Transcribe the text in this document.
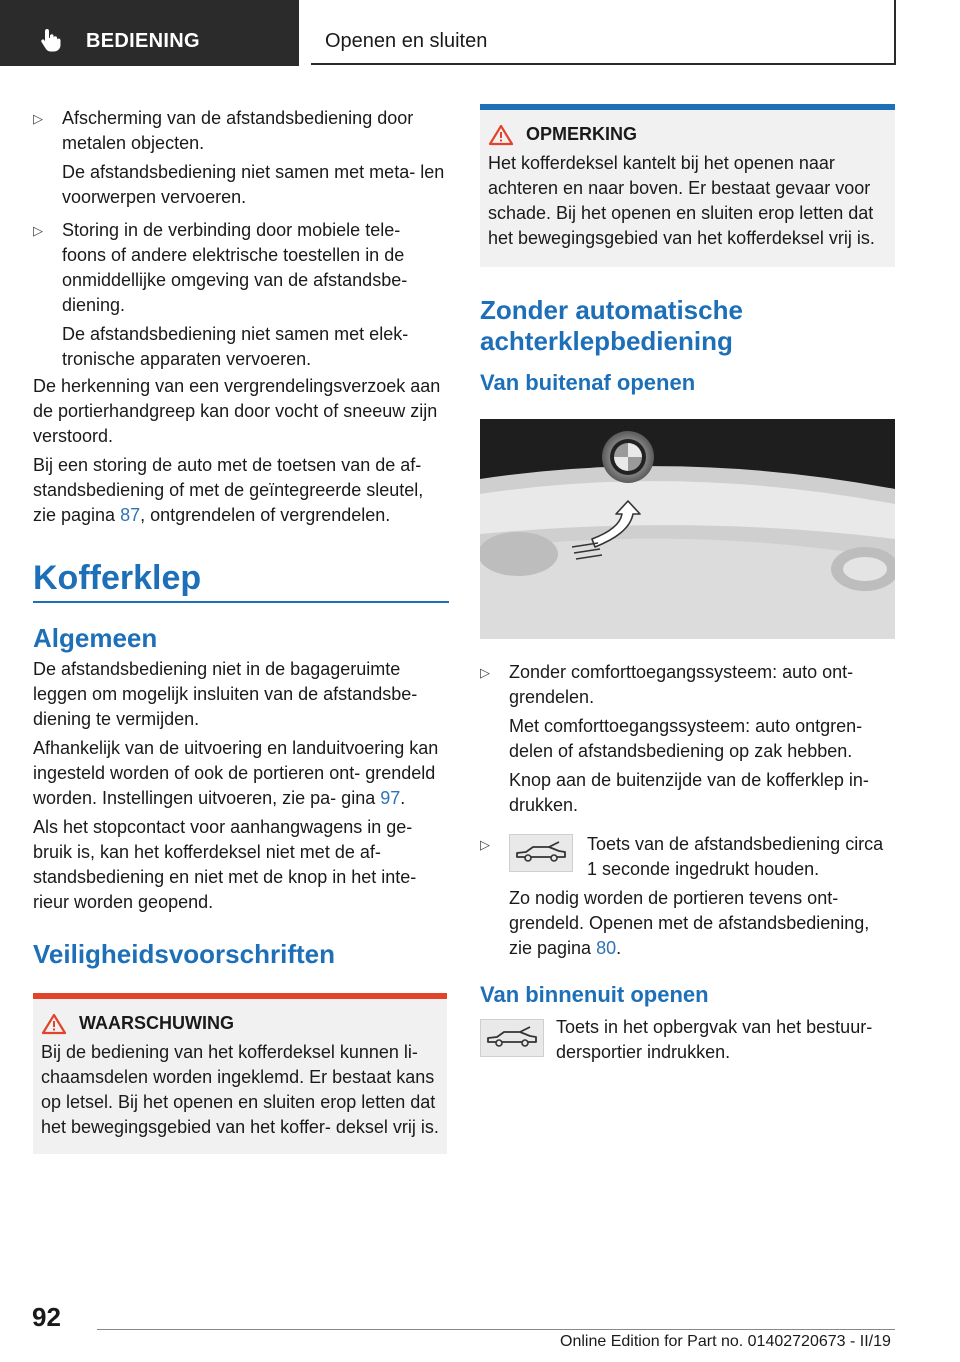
BEDIENING	Openen en sluiten
▷ Afscherming van de afstandsbediening door metalen objecten.

De afstandsbediening niet samen met meta- len voorwerpen vervoeren.

▷ Storing in de verbinding door mobiele tele- foons of andere elektrische toestellen in de onmiddellijke omgeving van de afstandsbe- diening.

De afstandsbediening niet samen met elek- tronische apparaten vervoeren.

De herkenning van een vergrendelingsverzoek aan de portierhandgreep kan door vocht of sneeuw zijn verstoord.

Bij een storing de auto met de toetsen van de af- standsbediening of met de geïntegreerde sleutel, zie pagina 87, ontgrendelen of vergrendelen.

Kofferklep
Algemeen

De afstandsbediening niet in de bagageruimte leggen om mogelijk insluiten van de afstandsbe- diening te vermijden.

Afhankelijk van de uitvoering en landuitvoering kan ingesteld worden of ook de portieren ont- grendeld worden. Instellingen uitvoeren, zie pa- gina 97.

Als het stopcontact voor aanhangwagens in ge- bruik is, kan het kofferdeksel niet met de af- standsbediening en niet met de knop in het inte- rieur worden geopend.

Veiligheidsvoorschriften
WAARSCHUWING

Bij de bediening van het kofferdeksel kunnen li- chaamsdelen worden ingeklemd. Er bestaat kans op letsel. Bij het openen en sluiten erop letten dat het bewegingsgebied van het koffer- deksel vrij is.

OPMERKING

Het kofferdeksel kantelt bij het openen naar achteren en naar boven. Er bestaat gevaar voor schade. Bij het openen en sluiten erop letten dat het bewegingsgebied van het kofferdeksel vrij is.

Zonder automatische achterklepbediening
Van buitenaf openen
▷ Zonder comforttoegangssysteem: auto ont- grendelen.

Met comforttoegangssysteem: auto ontgren- delen of afstandsbediening op zak hebben.

Knop aan de buitenzijde van de kofferklep in- drukken.

▷	Toets van de afstandsbediening circa 1 seconde ingedrukt houden.

Zo nodig worden de portieren tevens ont- grendeld. Openen met de afstandsbediening, zie pagina 80.

Van binnenuit openen

Toets in het opbergvak van het bestuur- dersportier indrukken.

92
Online Edition for Part no. 01402720673 - II/19
